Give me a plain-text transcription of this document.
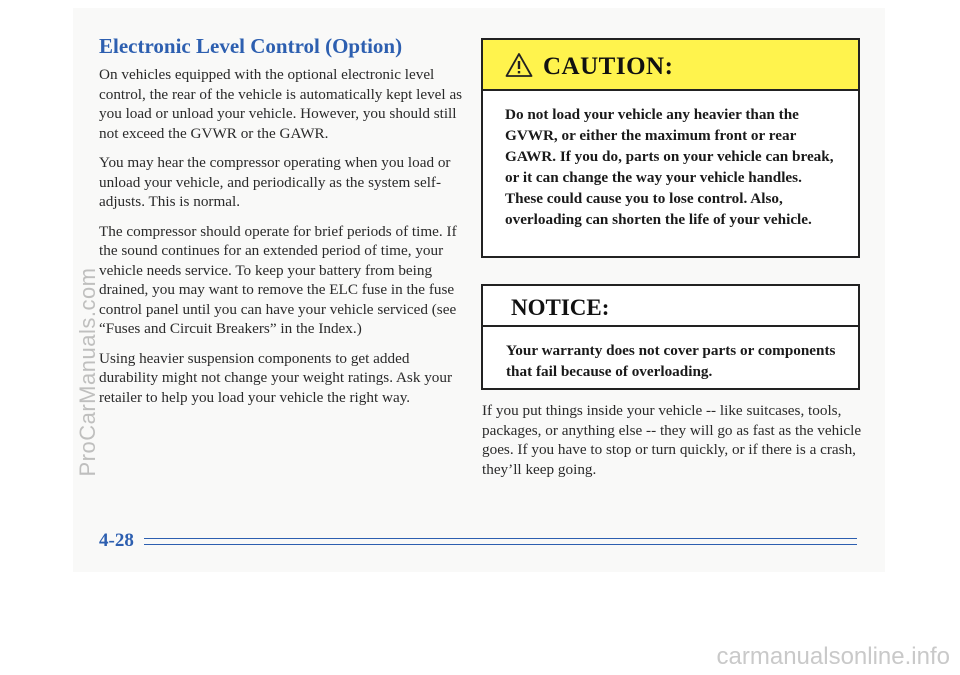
Electronic Level Control (Option)

On vehicles equipped with the optional electronic level control, the rear of the vehicle is automatically kept level as you load or unload your vehicle. However, you should still not exceed the GVWR or the GAWR.

You may hear the compressor operating when you load or unload your vehicle, and periodically as the system self-adjusts. This is normal.

The compressor should operate for brief periods of time. If the sound continues for an extended period of time, your vehicle needs service. To keep your battery from being drained, you may want to remove the ELC fuse in the fuse control panel until you can have your vehicle serviced (see “Fuses and Circuit Breakers” in the Index.)

Using heavier suspension components to get added durability might not change your weight ratings. Ask your retailer to help you load your vehicle the right way.

CAUTION:
Do not load your vehicle any heavier than the GVWR, or either the maximum front or rear GAWR. If you do, parts on your vehicle can break, or it can change the way your vehicle handles. These could cause you to lose control. Also, overloading can shorten the life of your vehicle.
NOTICE:
Your warranty does not cover parts or components that fail because of overloading.

If you put things inside your vehicle -- like suitcases, tools, packages, or anything else -- they will go as fast as the vehicle goes. If you have to stop or turn quickly, or if there is a crash, they’ll keep going.

4-28
ProCarManuals.com
carmanualsonline.info
